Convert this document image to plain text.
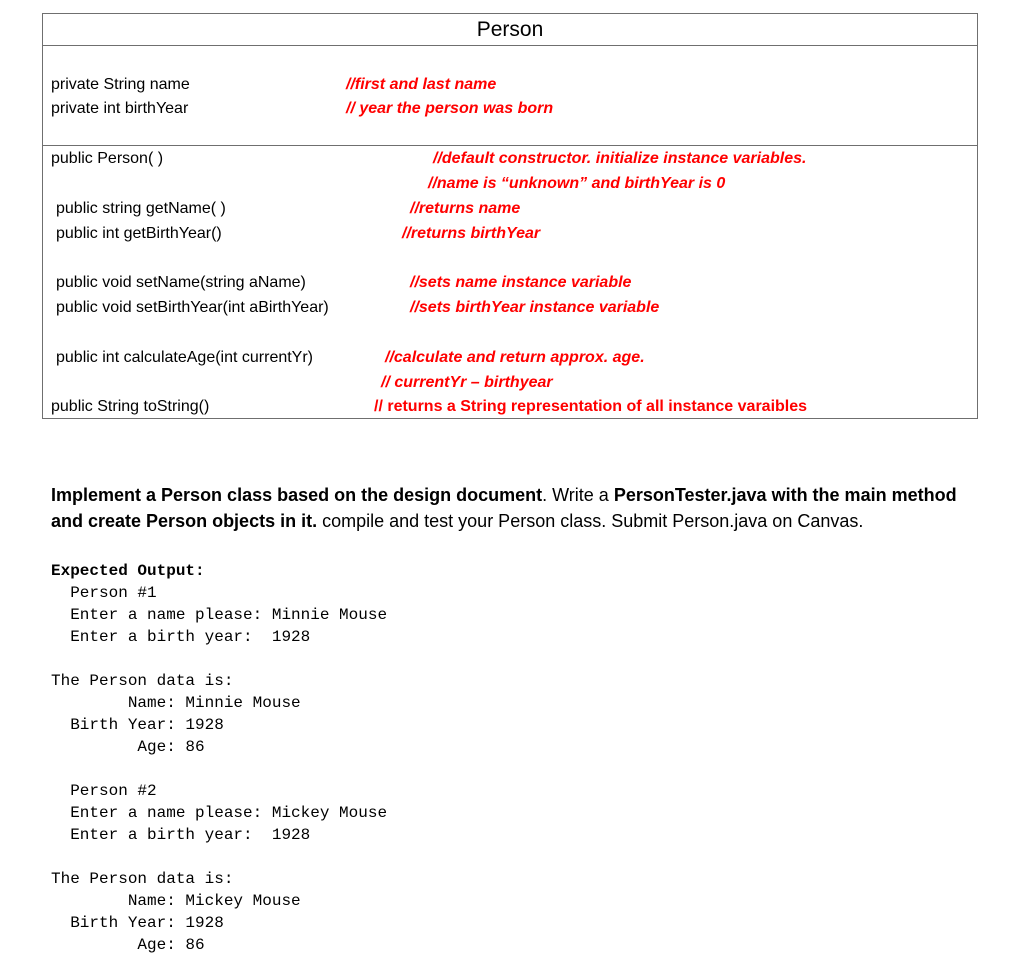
Person
private String name	//first and last name
private int birthYear	// year the person was born
public Person( )	//default constructor. initialize instance variables.
//name is “unknown” and birthYear is 0
public string getName( )	//returns name
public int getBirthYear()	//returns birthYear
public void setName(string aName)	//sets name instance variable
public void setBirthYear(int aBirthYear)	//sets birthYear instance variable
public int calculateAge(int currentYr)	//calculate and return approx. age.
// currentYr – birthyear
public String toString()	// returns a String representation of all instance varaibles
Implement a Person class based on the design document. Write a PersonTester.java with the main method and create Person objects in it. compile and test your Person class. Submit Person.java on Canvas.
Expected Output:
Person #1
Enter a name please: Minnie Mouse
Enter a birth year:  1928
The Person data is:
Name: Minnie Mouse
Birth Year: 1928
Age: 86
Person #2
Enter a name please: Mickey Mouse
Enter a birth year:  1928
The Person data is:
Name: Mickey Mouse
Birth Year: 1928
Age: 86
